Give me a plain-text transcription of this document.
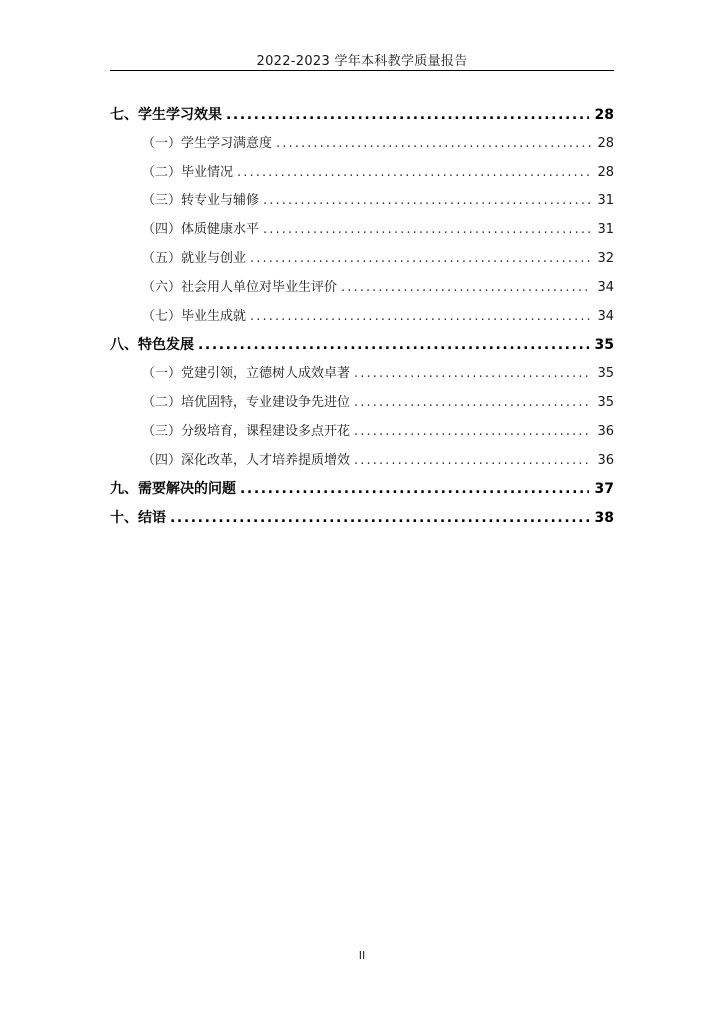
2022-2023 学年本科教学质量报告
七、学生学习效果 .....	28
（一）学生学习满意度 .....	28
（二）毕业情况 .....	28
（三）转专业与辅修 .....	31
（四）体质健康水平 .....	31
（五）就业与创业 .....	32
（六）社会用人单位对毕业生评价 .....	34
（七）毕业生成就 .....	34
八、特色发展 .....	35
（一）党建引领，立德树人成效卓著 .....	35
（二）培优固特，专业建设争先进位 .....	35
（三）分级培育，课程建设多点开花 .....	36
（四）深化改革，人才培养提质增效 .....	36
九、需要解决的问题 .....	37
十、结语 .....	38
II
